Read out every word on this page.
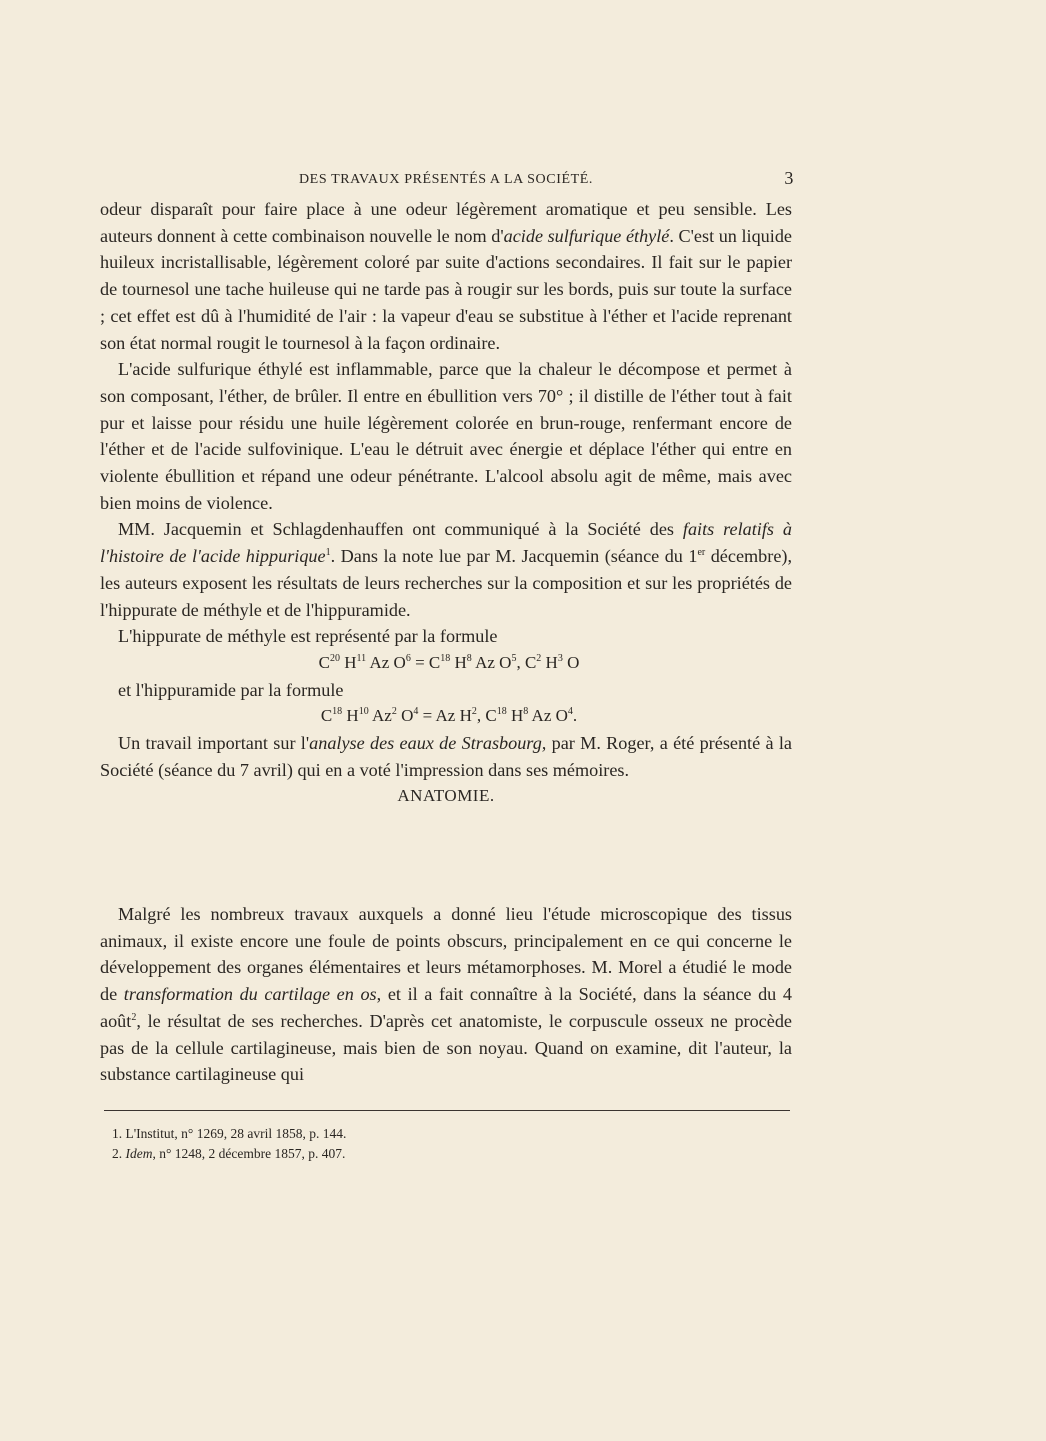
DES TRAVAUX PRÉSENTÉS A LA SOCIÉTÉ.	3

odeur disparaît pour faire place à une odeur légèrement aromatique et peu sensible. Les auteurs donnent à cette combinaison nouvelle le nom d'acide sulfurique éthylé. C'est un liquide huileux incristallisable, légèrement coloré par suite d'actions secondaires. Il fait sur le papier de tournesol une tache huileuse qui ne tarde pas à rougir sur les bords, puis sur toute la surface ; cet effet est dû à l'humidité de l'air : la vapeur d'eau se substitue à l'éther et l'acide reprenant son état normal rougit le tournesol à la façon ordinaire.

L'acide sulfurique éthylé est inflammable, parce que la chaleur le décompose et permet à son composant, l'éther, de brûler. Il entre en ébullition vers 70° ; il distille de l'éther tout à fait pur et laisse pour résidu une huile légèrement colorée en brun-rouge, renfermant encore de l'éther et de l'acide sulfovinique. L'eau le détruit avec énergie et déplace l'éther qui entre en violente ébullition et répand une odeur pénétrante. L'alcool absolu agit de même, mais avec bien moins de violence.

MM. Jacquemin et Schlagdenhauffen ont communiqué à la Société des faits relatifs à l'histoire de l'acide hippurique$^1$. Dans la note lue par M. Jacquemin (séance du 1er décembre), les auteurs exposent les résultats de leurs recherches sur la composition et sur les propriétés de l'hippurate de méthyle et de l'hippuramide.

L'hippurate de méthyle est représenté par la formule

$C^{20}$ $H^{11}$ Az $O^6 = C^{18}$ $H^8$ Az $O^5$, $C^2$ $H^3$ O

et l'hippuramide par la formule

$C^{18}$ $H^{10}$ Az$^2$ $O^4 = Az$ $H^2$, $C^{18}$ $H^8$ Az $O^4$.

Un travail important sur l'analyse des eaux de Strasbourg, par M. Roger, a été présenté à la Société (séance du 7 avril) qui en a voté l'impression dans ses mémoires.

ANATOMIE.

Malgré les nombreux travaux auxquels a donné lieu l'étude microscopique des tissus animaux, il existe encore une foule de points obscurs, principalement en ce qui concerne le développement des organes élémentaires et leurs métamorphoses. M. Morel a étudié le mode de transformation du cartilage en os, et il a fait connaître à la Société, dans la séance du 4 août$^2$, le résultat de ses recherches. D'après cet anatomiste, le corpuscule osseux ne procède pas de la cellule cartilagineuse, mais bien de son noyau. Quand on examine, dit l'auteur, la substance cartilagineuse qui

1. L'Institut, n° 1269, 28 avril 1858, p. 144.
2. Idem, n° 1248, 2 décembre 1857, p. 407.
